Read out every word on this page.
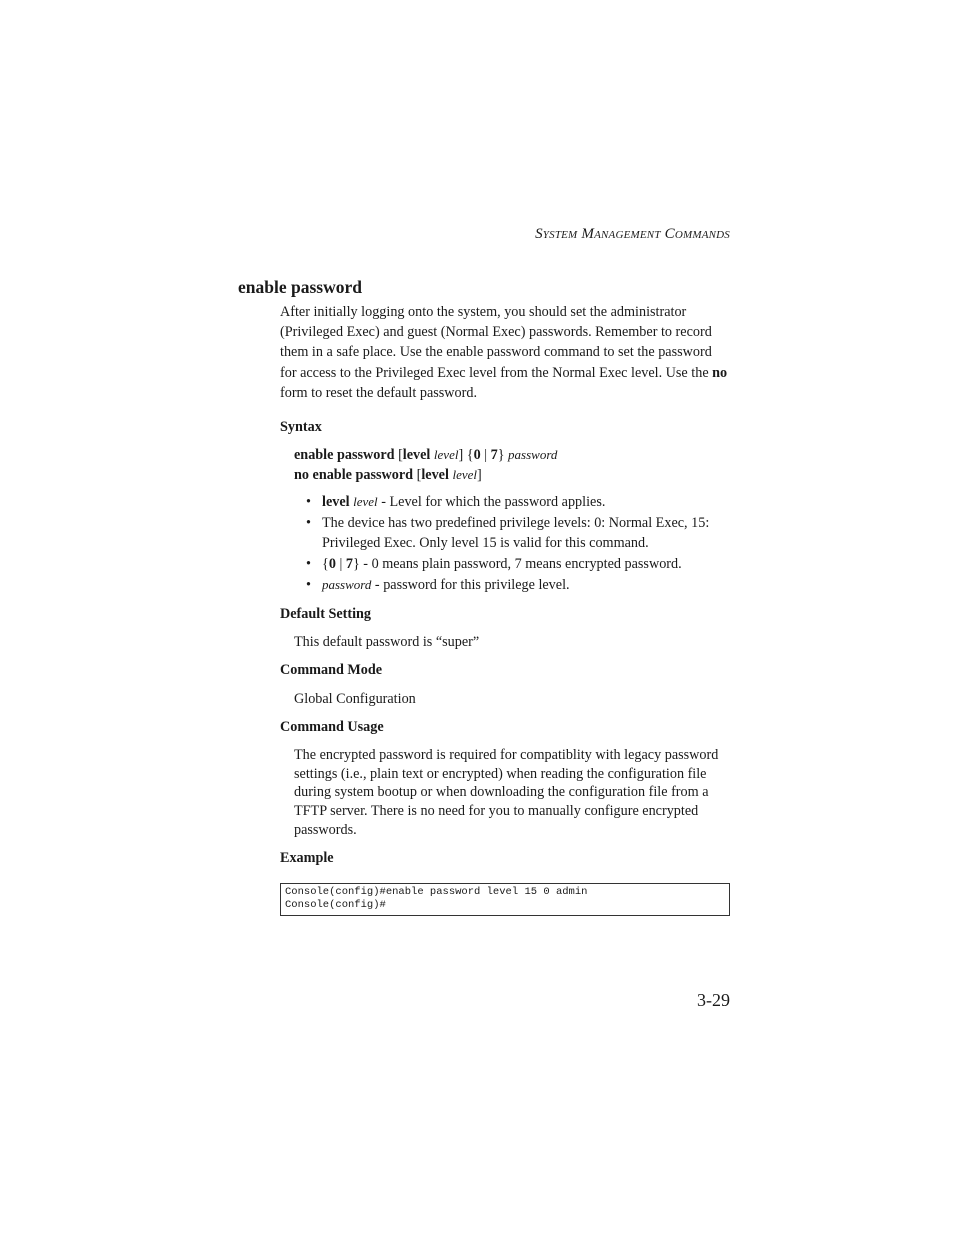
SYSTEM MANAGEMENT COMMANDS
enable password
After initially logging onto the system, you should set the administrator (Privileged Exec) and guest (Normal Exec) passwords. Remember to record them in a safe place. Use the enable password command to set the password for access to the Privileged Exec level from the Normal Exec level. Use the no form to reset the default password.
Syntax
enable password [level level] {0 | 7} password
no enable password [level level]
• level level - Level for which the password applies.
• The device has two predefined privilege levels: 0: Normal Exec, 15: Privileged Exec. Only level 15 is valid for this command.
• {0 | 7} - 0 means plain password, 7 means encrypted password.
• password - password for this privilege level.
Default Setting
This default password is “super”
Command Mode
Global Configuration
Command Usage
The encrypted password is required for compatiblity with legacy password settings (i.e., plain text or encrypted) when reading the configuration file during system bootup or when downloading the configuration file from a TFTP server. There is no need for you to manually configure encrypted passwords.
Example
Console(config)#enable password level 15 0 admin
Console(config)#
3-29
